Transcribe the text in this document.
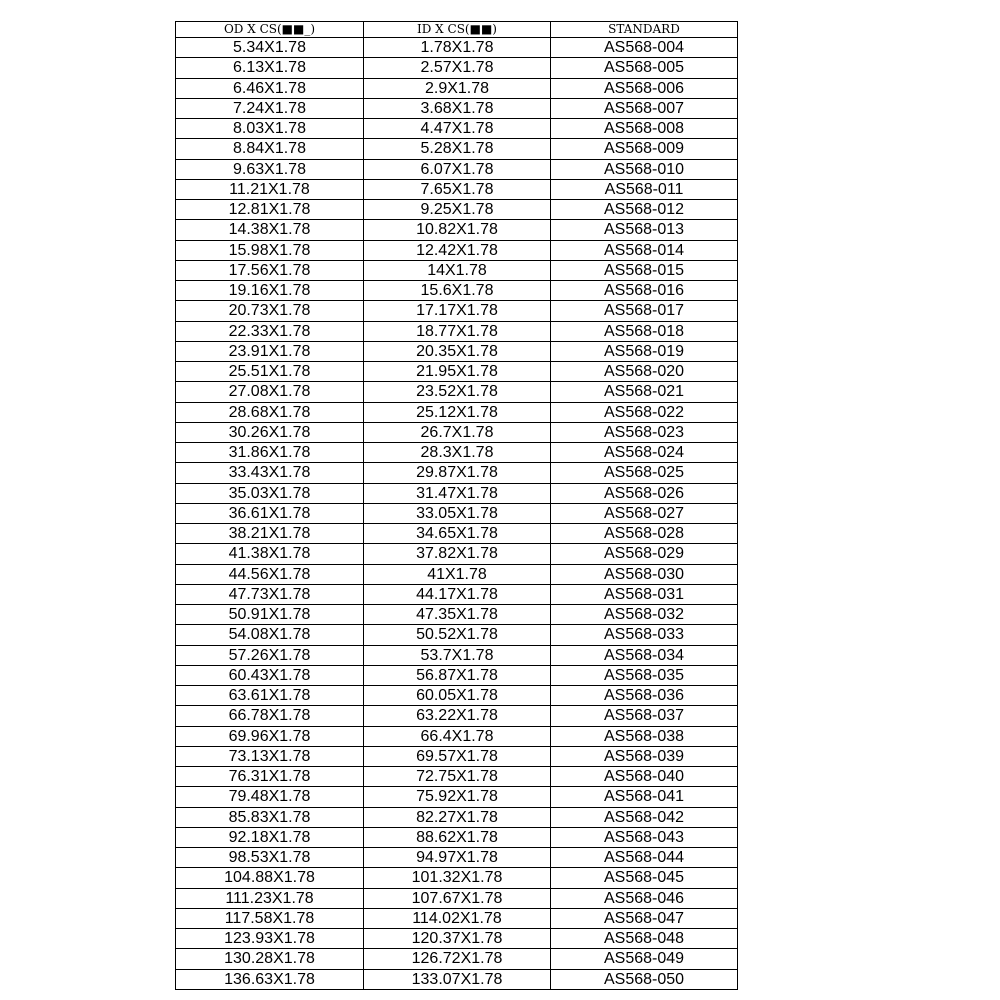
OD X CS(■■_)	ID X CS(■■)	STANDARD
5.34X1.78	1.78X1.78	AS568-004
6.13X1.78	2.57X1.78	AS568-005
6.46X1.78	2.9X1.78	AS568-006
7.24X1.78	3.68X1.78	AS568-007
8.03X1.78	4.47X1.78	AS568-008
8.84X1.78	5.28X1.78	AS568-009
9.63X1.78	6.07X1.78	AS568-010
11.21X1.78	7.65X1.78	AS568-011
12.81X1.78	9.25X1.78	AS568-012
14.38X1.78	10.82X1.78	AS568-013
15.98X1.78	12.42X1.78	AS568-014
17.56X1.78	14X1.78	AS568-015
19.16X1.78	15.6X1.78	AS568-016
20.73X1.78	17.17X1.78	AS568-017
22.33X1.78	18.77X1.78	AS568-018
23.91X1.78	20.35X1.78	AS568-019
25.51X1.78	21.95X1.78	AS568-020
27.08X1.78	23.52X1.78	AS568-021
28.68X1.78	25.12X1.78	AS568-022
30.26X1.78	26.7X1.78	AS568-023
31.86X1.78	28.3X1.78	AS568-024
33.43X1.78	29.87X1.78	AS568-025
35.03X1.78	31.47X1.78	AS568-026
36.61X1.78	33.05X1.78	AS568-027
38.21X1.78	34.65X1.78	AS568-028
41.38X1.78	37.82X1.78	AS568-029
44.56X1.78	41X1.78	AS568-030
47.73X1.78	44.17X1.78	AS568-031
50.91X1.78	47.35X1.78	AS568-032
54.08X1.78	50.52X1.78	AS568-033
57.26X1.78	53.7X1.78	AS568-034
60.43X1.78	56.87X1.78	AS568-035
63.61X1.78	60.05X1.78	AS568-036
66.78X1.78	63.22X1.78	AS568-037
69.96X1.78	66.4X1.78	AS568-038
73.13X1.78	69.57X1.78	AS568-039
76.31X1.78	72.75X1.78	AS568-040
79.48X1.78	75.92X1.78	AS568-041
85.83X1.78	82.27X1.78	AS568-042
92.18X1.78	88.62X1.78	AS568-043
98.53X1.78	94.97X1.78	AS568-044
104.88X1.78	101.32X1.78	AS568-045
111.23X1.78	107.67X1.78	AS568-046
117.58X1.78	114.02X1.78	AS568-047
123.93X1.78	120.37X1.78	AS568-048
130.28X1.78	126.72X1.78	AS568-049
136.63X1.78	133.07X1.78	AS568-050
